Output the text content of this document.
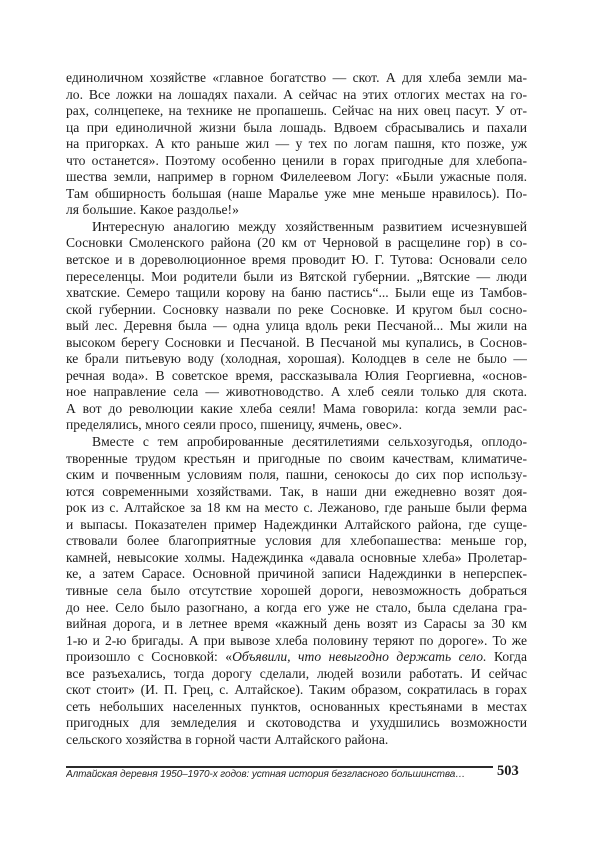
единоличном хозяйстве «главное богатство — скот. А для хлеба земли ма-
ло. Все ложки на лошадях пахали. А сейчас на этих отлогих местах на го-
рах, солнцепеке, на технике не пропашешь. Сейчас на них овец пасут. У от-
ца при единоличной жизни была лошадь. Вдвоем сбрасывались и пахали
на пригорках. А кто раньше жил — у тех по логам пашня, кто позже, уж
что останется». Поэтому особенно ценили в горах пригодные для хлебопа-
шества земли, например в горном Филелеевом Логу: «Были ужасные поля.
Там обширность большая (наше Маралье уже мне меньше нравилось). По-
ля большие. Какое раздолье!»
Интересную аналогию между хозяйственным развитием исчезнувшей
Сосновки Смоленского района (20 км от Черновой в расщелине гор) в со-
ветское и в дореволюционное время проводит Ю. Г. Тутова: Основали село
переселенцы. Мои родители были из Вятской губернии. „Вятские — люди
хватские. Семеро тащили корову на баню пастись“... Были еще из Тамбов-
ской губернии. Сосновку назвали по реке Сосновке. И кругом был сосно-
вый лес. Деревня была — одна улица вдоль реки Песчаной... Мы жили на
высоком берегу Сосновки и Песчаной. В Песчаной мы купались, в Соснов-
ке брали питьевую воду (холодная, хорошая). Колодцев в селе не было —
речная вода». В советское время, рассказывала Юлия Георгиевна, «основ-
ное направление села — животноводство. А хлеб сеяли только для скота.
А вот до революции какие хлеба сеяли! Мама говорила: когда земли рас-
пределялись, много сеяли просо, пшеницу, ячмень, овес».
Вместе с тем апробированные десятилетиями сельхозугодья, оплодо-
творенные трудом крестьян и пригодные по своим качествам, климатиче-
ским и почвенным условиям поля, пашни, сенокосы до сих пор использу-
ются современными хозяйствами. Так, в наши дни ежедневно возят доя-
рок из с. Алтайское за 18 км на место с. Лежаново, где раньше были ферма
и выпасы. Показателен пример Надеждинки Алтайского района, где суще-
ствовали более благоприятные условия для хлебопашества: меньше гор,
камней, невысокие холмы. Надеждинка «давала основные хлеба» Пролетар-
ке, а затем Сарасе. Основной причиной записи Надеждинки в неперспек-
тивные села было отсутствие хорошей дороги, невозможность добраться
до нее. Село было разогнано, а когда его уже не стало, была сделана гра-
вийная дорога, и в летнее время «кажный день возят из Сарасы за 30 км
1-ю и 2-ю бригады. А при вывозе хлеба половину теряют по дороге». То же
произошло с Сосновкой: «Объявили, что невыгодно держать село. Когда
все разъехались, тогда дорогу сделали, людей возили работать. И сейчас
скот стоит» (И. П. Грец, с. Алтайское). Таким образом, сократилась в горах
сеть небольших населенных пунктов, основанных крестьянами в местах
пригодных для земледелия и скотоводства и ухудшились возможности
сельского хозяйства в горной части Алтайского района.
Алтайская деревня 1950–1970-х годов: устная история безгласного большинства…	503
